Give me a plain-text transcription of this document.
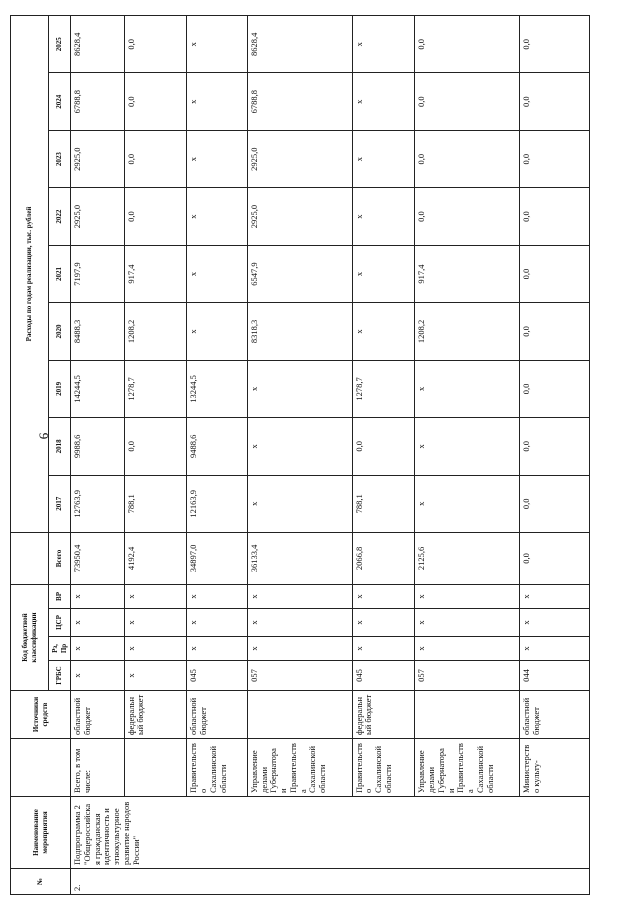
9
№	Наименование мероприятия		Источники средств	Код бюджетной классификации					Расходы по годам реализации, тыс. рублей								
				ГРБС	Рз, Пр	ЦСР	ВР	Всего	2017	2018	2019	2020	2021	2022	2023	2024	2025
2.	Подпрограмма 2 "Общероссийская гражданская идентичность и этнокультурное развитие народов России"	Всего, в том числе:	областной бюджет	x	x	x	x	73950,4	12763,9	9988,6	14244,5	8488,3	7197,9	2925,0	2925,0	6788,8	8628,4
			федеральный бюджет	x	x	x	x	4192,4	788,1	0,0	1278,7	1208,2	917,4	0,0	0,0	0,0	0,0
		Правительство Сахалинской области	областной бюджет	045	x	x	x	34897,0	12163,9	9488,6	13244,5	x	x	x	x	x	x
		Управление делами Губернатора и Правительства Сахалинской области		057	x	x	x	36133,4	x	x	x	8318,3	6547,9	2925,0	2925,0	6788,8	8628,4
		Правительство Сахалинской области	федеральный бюджет	045	x	x	x	2066,8	788,1	0,0	1278,7	x	x	x	x	x	x
		Управление делами Губернатора и Правительства Сахалинской области		057	x	x	x	2125,6	x	x	x	1208,2	917,4	0,0	0,0	0,0	0,0
		Министерство культу-	областной бюджет	044	x	x	x	0,0	0,0	0,0	0,0	0,0	0,0	0,0	0,0	0,0	0,0
